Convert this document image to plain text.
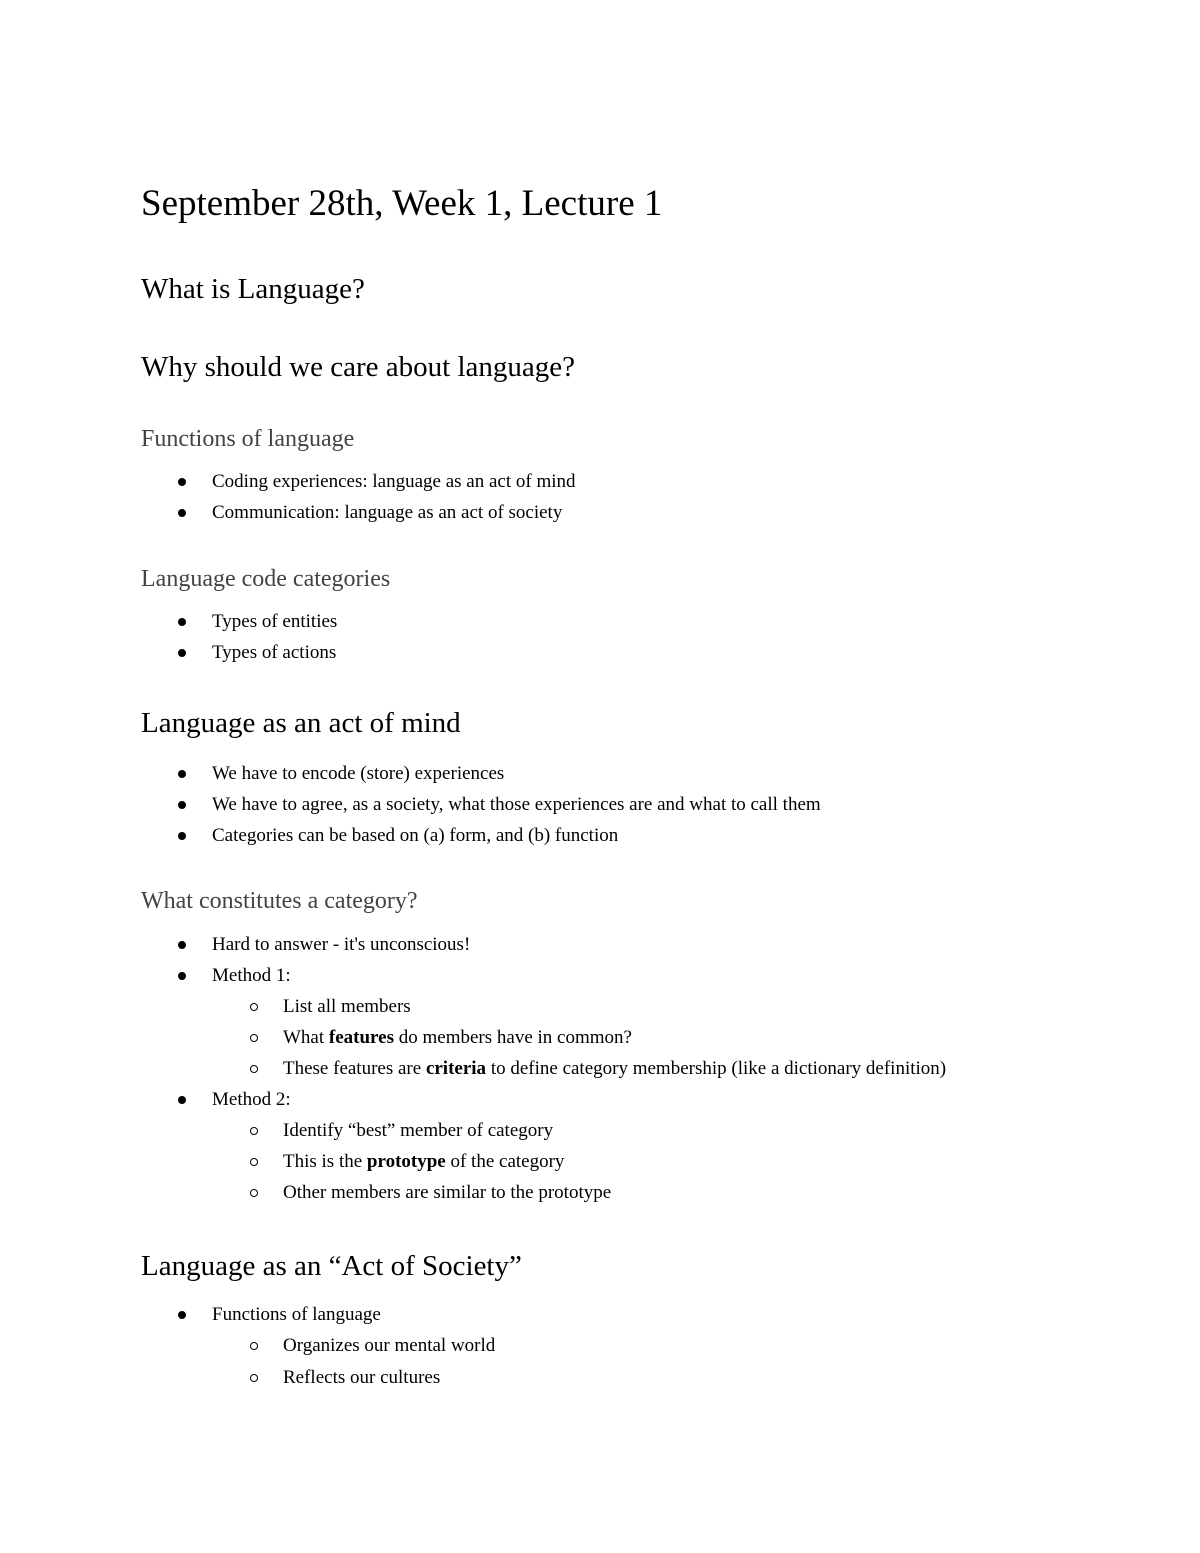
September 28th, Week 1, Lecture 1
What is Language?
Why should we care about language?
Functions of language

Coding experiences: language as an act of mind

Communication: language as an act of society

Language code categories

Types of entities

Types of actions

Language as an act of mind

We have to encode (store) experiences

We have to agree, as a society, what those experiences are and what to call them

Categories can be based on (a) form, and (b) function

What constitutes a category?

Hard to answer - it's unconscious!

Method 1:

List all members

What features do members have in common?

These features are criteria to define category membership (like a dictionary definition)

Method 2:

Identify “best” member of category

This is the prototype of the category

Other members are similar to the prototype

Language as an “Act of Society”

Functions of language

Organizes our mental world

Reflects our cultures
